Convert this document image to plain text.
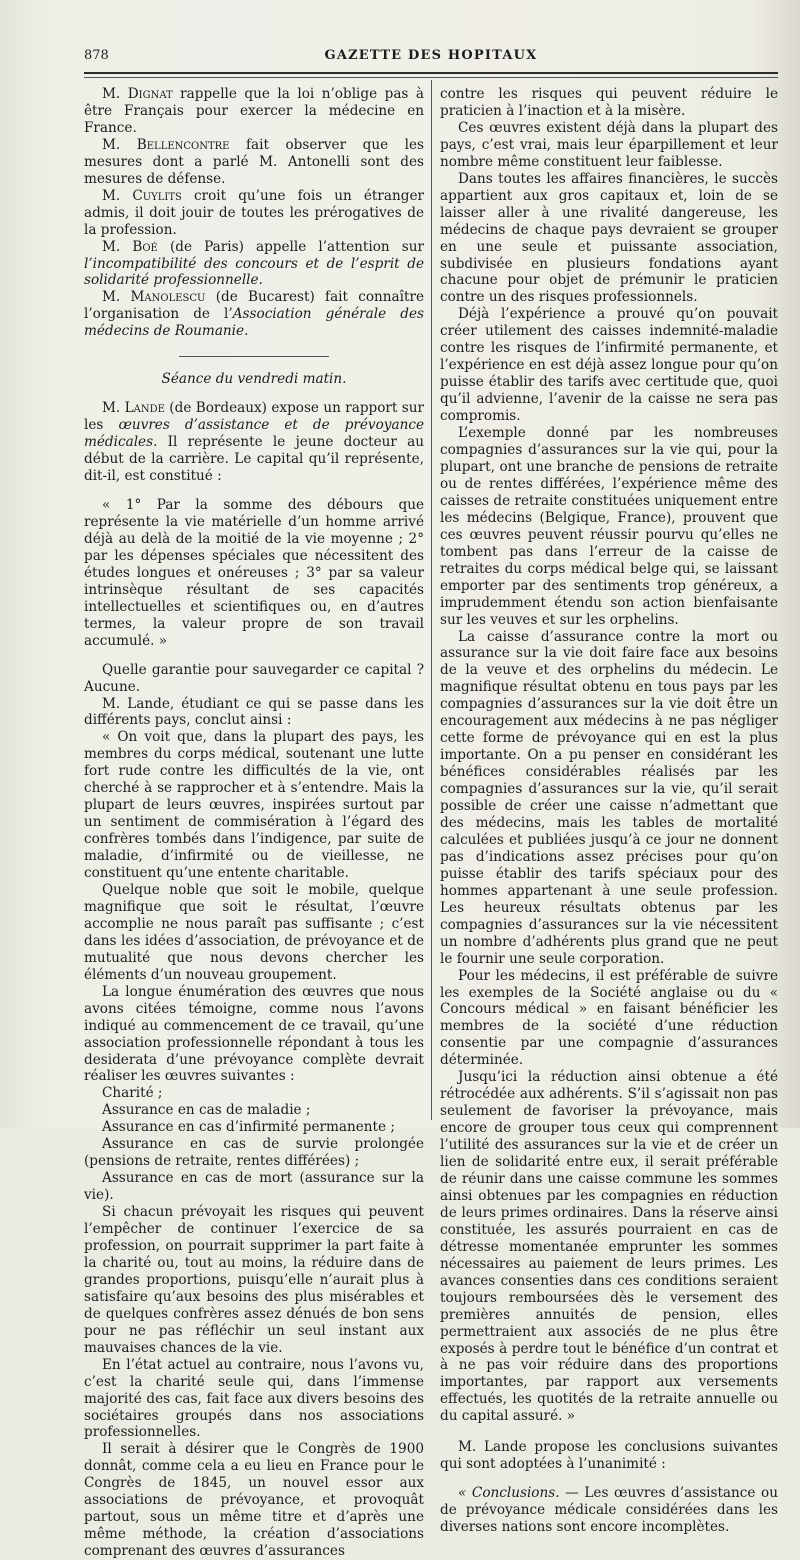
878	GAZETTE DES HOPITAUX

M. Dignat rappelle que la loi n’oblige pas à être Français pour exercer la médecine en France.

M. Bellencontre fait observer que les mesures dont a parlé M. Antonelli sont des mesures de défense.

M. Cuylits croit qu’une fois un étranger admis, il doit jouir de toutes les prérogatives de la profession.

M. Boé (de Paris) appelle l’attention sur l’incompatibilité des concours et de l’esprit de solidarité professionnelle.

M. Manolescu (de Bucarest) fait connaître l’organisation de l’Association générale des médecins de Roumanie.

Séance du vendredi matin.

M. Lande (de Bordeaux) expose un rapport sur les œuvres d’assistance et de prévoyance médicales. Il représente le jeune docteur au début de la carrière. Le capital qu’il représente, dit-il, est constitué :

« 1° Par la somme des débours que représente la vie matérielle d’un homme arrivé déjà au delà de la moitié de la vie moyenne ; 2° par les dépenses spéciales que nécessitent des études longues et onéreuses ; 3° par sa valeur intrinsèque résultant de ses capacités intellectuelles et scientifiques ou, en d’autres termes, la valeur propre de son travail accumulé. »

Quelle garantie pour sauvegarder ce capital ? Aucune.

M. Lande, étudiant ce qui se passe dans les différents pays, conclut ainsi :

« On voit que, dans la plupart des pays, les membres du corps médical, soutenant une lutte fort rude contre les difficultés de la vie, ont cherché à se rapprocher et à s’entendre. Mais la plupart de leurs œuvres, inspirées surtout par un sentiment de commisération à l’égard des confrères tombés dans l’indigence, par suite de maladie, d’infirmité ou de vieillesse, ne constituent qu’une entente charitable.

Quelque noble que soit le mobile, quelque magnifique que soit le résultat, l’œuvre accomplie ne nous paraît pas suffisante ; c’est dans les idées d’association, de prévoyance et de mutualité que nous devons chercher les éléments d’un nouveau groupement.

La longue énumération des œuvres que nous avons citées témoigne, comme nous l’avons indiqué au commencement de ce travail, qu’une association professionnelle répondant à tous les desiderata d’une prévoyance complète devrait réaliser les œuvres suivantes :

Charité ;

Assurance en cas de maladie ;

Assurance en cas d’infirmité permanente ;

Assurance en cas de survie prolongée (pensions de retraite, rentes différées) ;

Assurance en cas de mort (assurance sur la vie).

Si chacun prévoyait les risques qui peuvent l’empêcher de continuer l’exercice de sa profession, on pourrait supprimer la part faite à la charité ou, tout au moins, la réduire dans de grandes proportions, puisqu’elle n’aurait plus à satisfaire qu’aux besoins des plus misérables et de quelques confrères assez dénués de bon sens pour ne pas réfléchir un seul instant aux mauvaises chances de la vie.

En l’état actuel au contraire, nous l’avons vu, c’est la charité seule qui, dans l’immense majorité des cas, fait face aux divers besoins des sociétaires groupés dans nos associations professionnelles.

Il serait à désirer que le Congrès de 1900 donnât, comme cela a eu lieu en France pour le Congrès de 1845, un nouvel essor aux associations de prévoyance, et provoquât partout, sous un même titre et d’après une même méthode, la création d’associations comprenant des œuvres d’assurances

contre les risques qui peuvent réduire le praticien à l’inaction et à la misère.

Ces œuvres existent déjà dans la plupart des pays, c’est vrai, mais leur éparpillement et leur nombre même constituent leur faiblesse.

Dans toutes les affaires financières, le succès appartient aux gros capitaux et, loin de se laisser aller à une rivalité dangereuse, les médecins de chaque pays devraient se grouper en une seule et puissante association, subdivisée en plusieurs fondations ayant chacune pour objet de prémunir le praticien contre un des risques professionnels.

Déjà l’expérience a prouvé qu’on pouvait créer utilement des caisses indemnité-maladie contre les risques de l’infirmité permanente, et l’expérience en est déjà assez longue pour qu’on puisse établir des tarifs avec certitude que, quoi qu’il advienne, l’avenir de la caisse ne sera pas compromis.

L’exemple donné par les nombreuses compagnies d’assurances sur la vie qui, pour la plupart, ont une branche de pensions de retraite ou de rentes différées, l’expérience même des caisses de retraite constituées uniquement entre les médecins (Belgique, France), prouvent que ces œuvres peuvent réussir pourvu qu’elles ne tombent pas dans l’erreur de la caisse de retraites du corps médical belge qui, se laissant emporter par des sentiments trop généreux, a imprudemment étendu son action bienfaisante sur les veuves et sur les orphelins.

La caisse d’assurance contre la mort ou assurance sur la vie doit faire face aux besoins de la veuve et des orphelins du médecin. Le magnifique résultat obtenu en tous pays par les compagnies d’assurances sur la vie doit être un encouragement aux médecins à ne pas négliger cette forme de prévoyance qui en est la plus importante. On a pu penser en considérant les bénéfices considérables réalisés par les compagnies d’assurances sur la vie, qu’il serait possible de créer une caisse n’admettant que des médecins, mais les tables de mortalité calculées et publiées jusqu’à ce jour ne donnent pas d’indications assez précises pour qu’on puisse établir des tarifs spéciaux pour des hommes appartenant à une seule profession. Les heureux résultats obtenus par les compagnies d’assurances sur la vie nécessitent un nombre d’adhérents plus grand que ne peut le fournir une seule corporation.

Pour les médecins, il est préférable de suivre les exemples de la Société anglaise ou du « Concours médical » en faisant bénéficier les membres de la société d’une réduction consentie par une compagnie d’assurances déterminée.

Jusqu’ici la réduction ainsi obtenue a été rétrocédée aux adhérents. S’il s’agissait non pas seulement de favoriser la prévoyance, mais encore de grouper tous ceux qui comprennent l’utilité des assurances sur la vie et de créer un lien de solidarité entre eux, il serait préférable de réunir dans une caisse commune les sommes ainsi obtenues par les compagnies en réduction de leurs primes ordinaires. Dans la réserve ainsi constituée, les assurés pourraient en cas de détresse momentanée emprunter les sommes nécessaires au paiement de leurs primes. Les avances consenties dans ces conditions seraient toujours remboursées dès le versement des premières annuités de pension, elles permettraient aux associés de ne plus être exposés à perdre tout le bénéfice d’un contrat et à ne pas voir réduire dans des proportions importantes, par rapport aux versements effectués, les quotités de la retraite annuelle ou du capital assuré. »

M. Lande propose les conclusions suivantes qui sont adoptées à l’unanimité :

« Conclusions. — Les œuvres d’assistance ou de prévoyance médicale considérées dans les diverses nations sont encore incomplètes.
